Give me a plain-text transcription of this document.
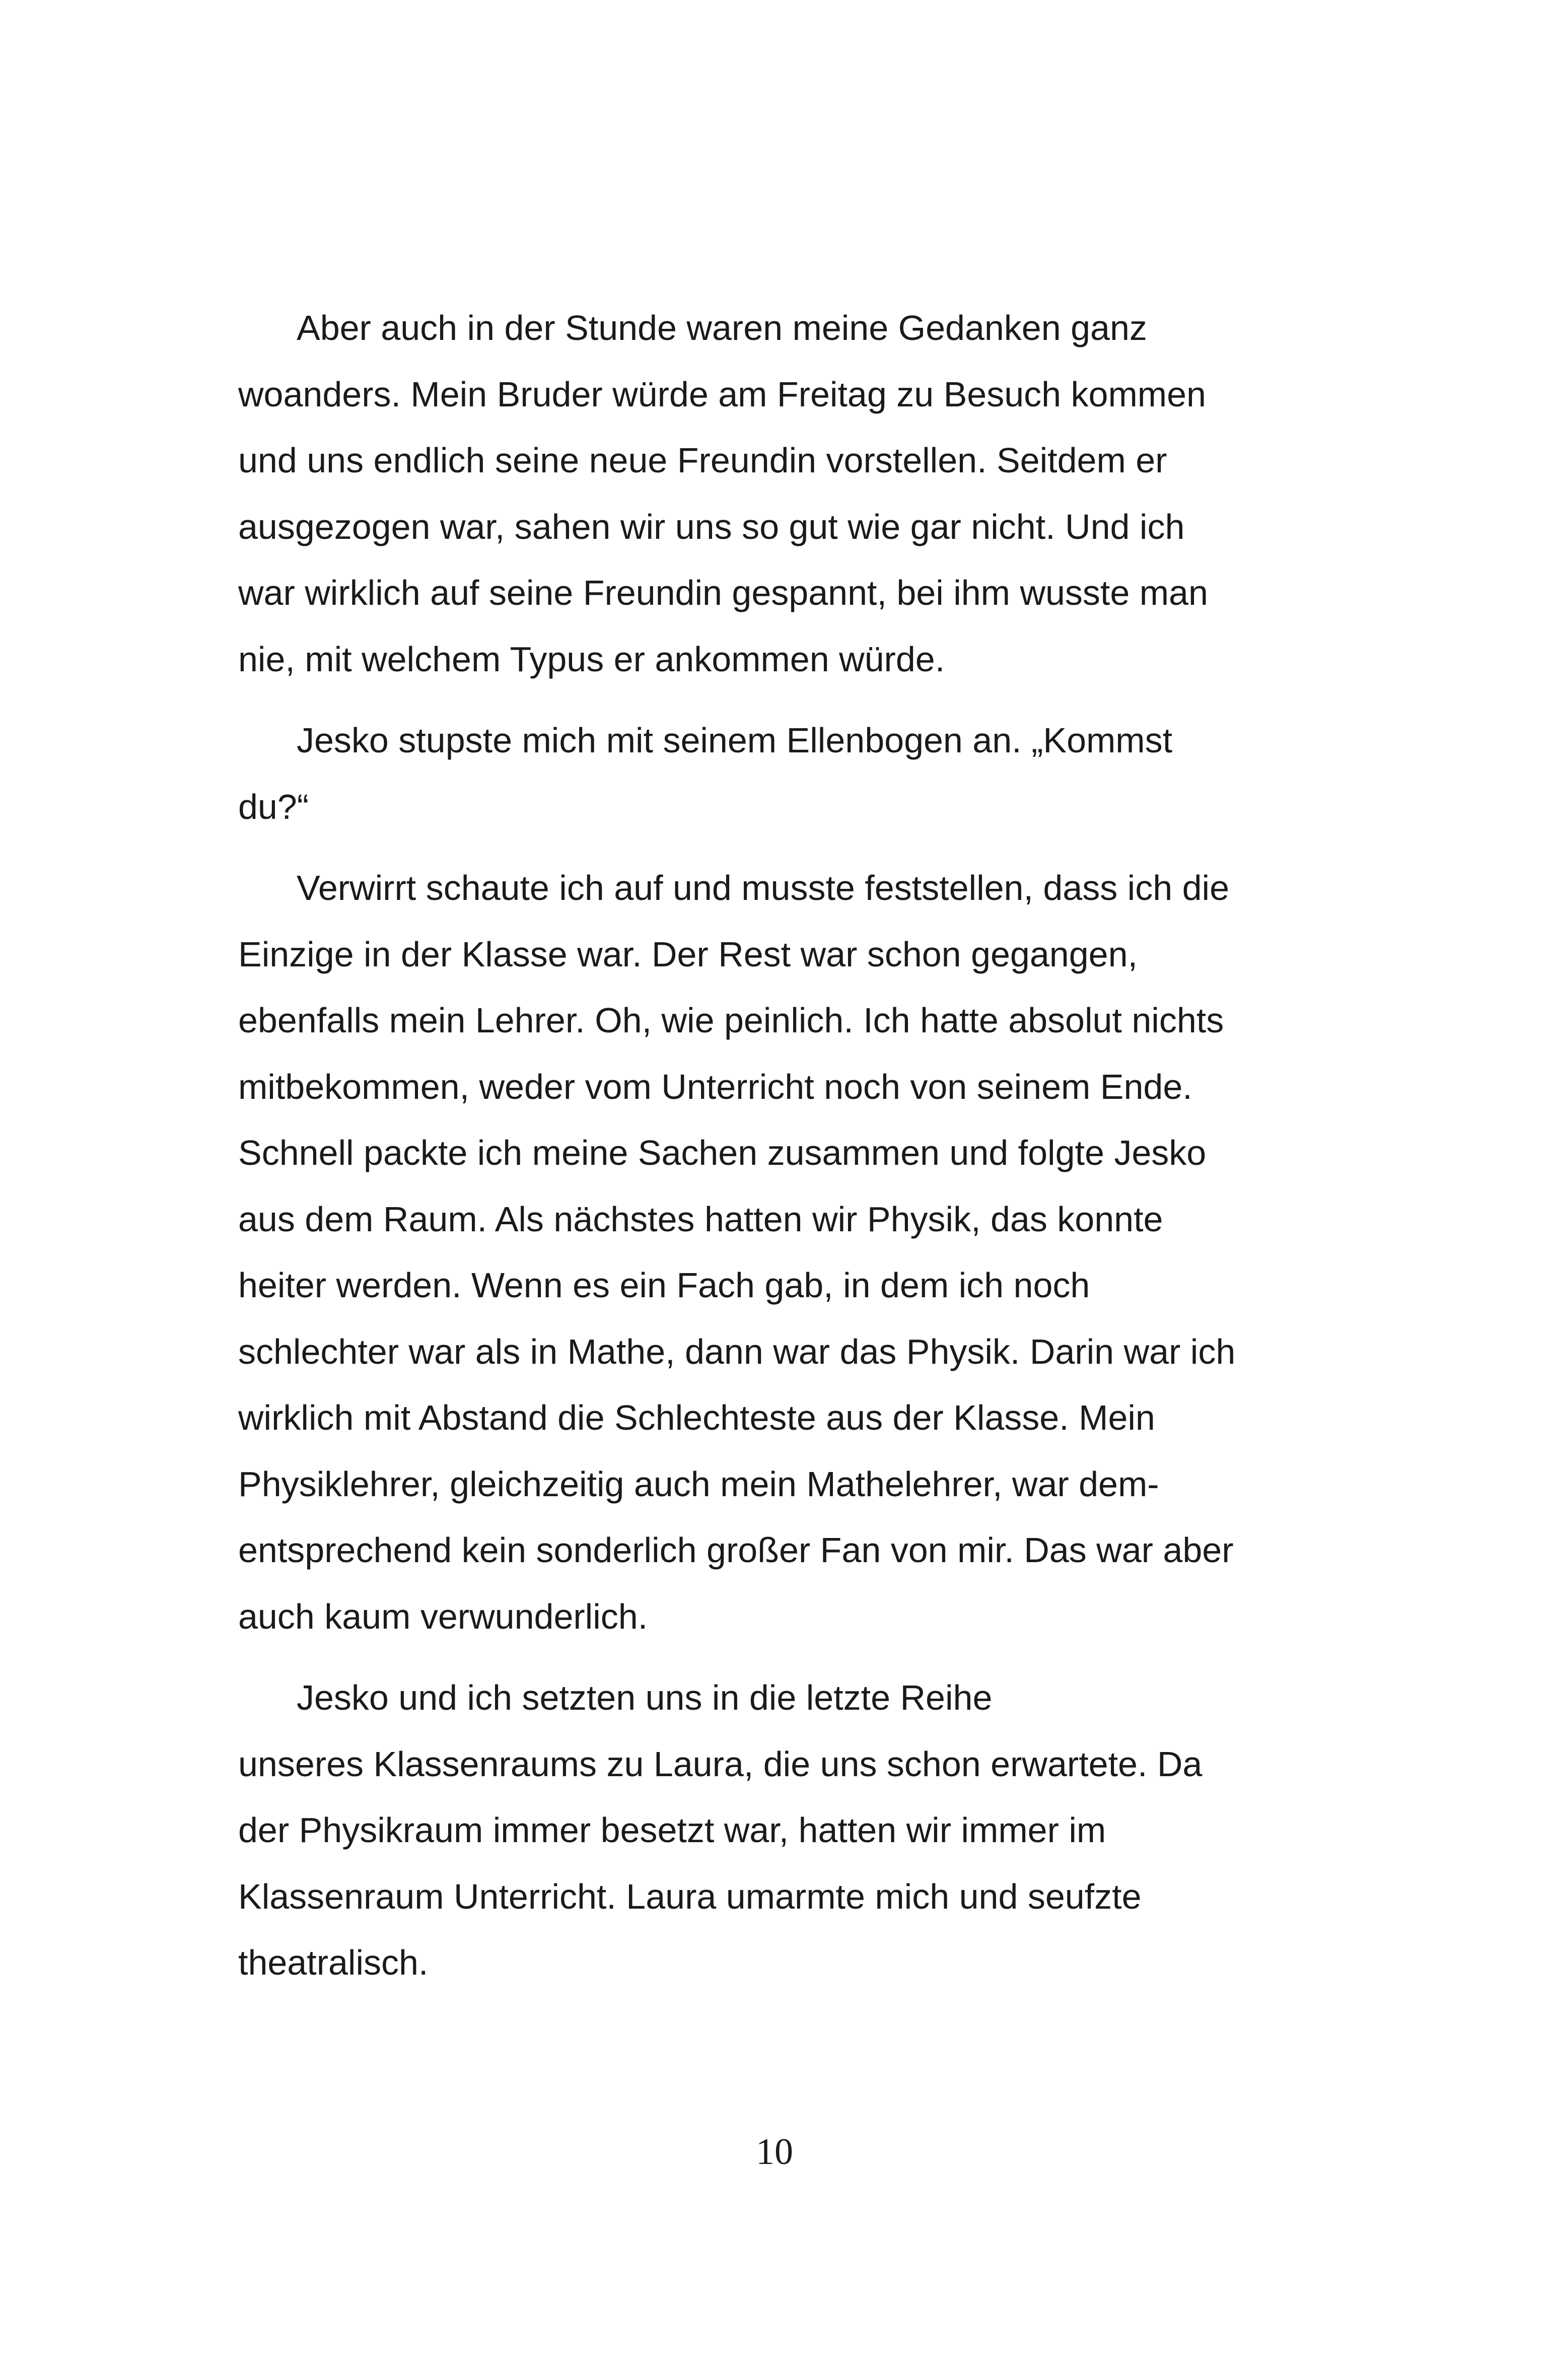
Aber auch in der Stunde waren meine Gedanken ganz
woanders. Mein Bruder würde am Freitag zu Besuch kommen
und uns endlich seine neue Freundin vorstellen. Seitdem er
ausgezogen war, sahen wir uns so gut wie gar nicht. Und ich
war wirklich auf seine Freundin gespannt, bei ihm wusste man
nie, mit welchem Typus er ankommen würde.

Jesko stupste mich mit seinem Ellenbogen an. „Kommst
du?“

Verwirrt schaute ich auf und musste feststellen, dass ich die
Einzige in der Klasse war. Der Rest war schon gegangen,
ebenfalls mein Lehrer. Oh, wie peinlich. Ich hatte absolut nichts
mitbekommen, weder vom Unterricht noch von seinem Ende.
Schnell packte ich meine Sachen zusammen und folgte Jesko
aus dem Raum. Als nächstes hatten wir Physik, das konnte
heiter werden. Wenn es ein Fach gab, in dem ich noch
schlechter war als in Mathe, dann war das Physik. Darin war ich
wirklich mit Abstand die Schlechteste aus der Klasse. Mein
Physiklehrer, gleichzeitig auch mein Mathelehrer, war dem-
entsprechend kein sonderlich großer Fan von mir. Das war aber
auch kaum verwunderlich.

Jesko und ich setzten uns in die letzte Reihe
unseres Klassenraums zu Laura, die uns schon erwartete. Da
der Physikraum immer besetzt war, hatten wir immer im
Klassenraum Unterricht. Laura umarmte mich und seufzte
theatralisch.

10
